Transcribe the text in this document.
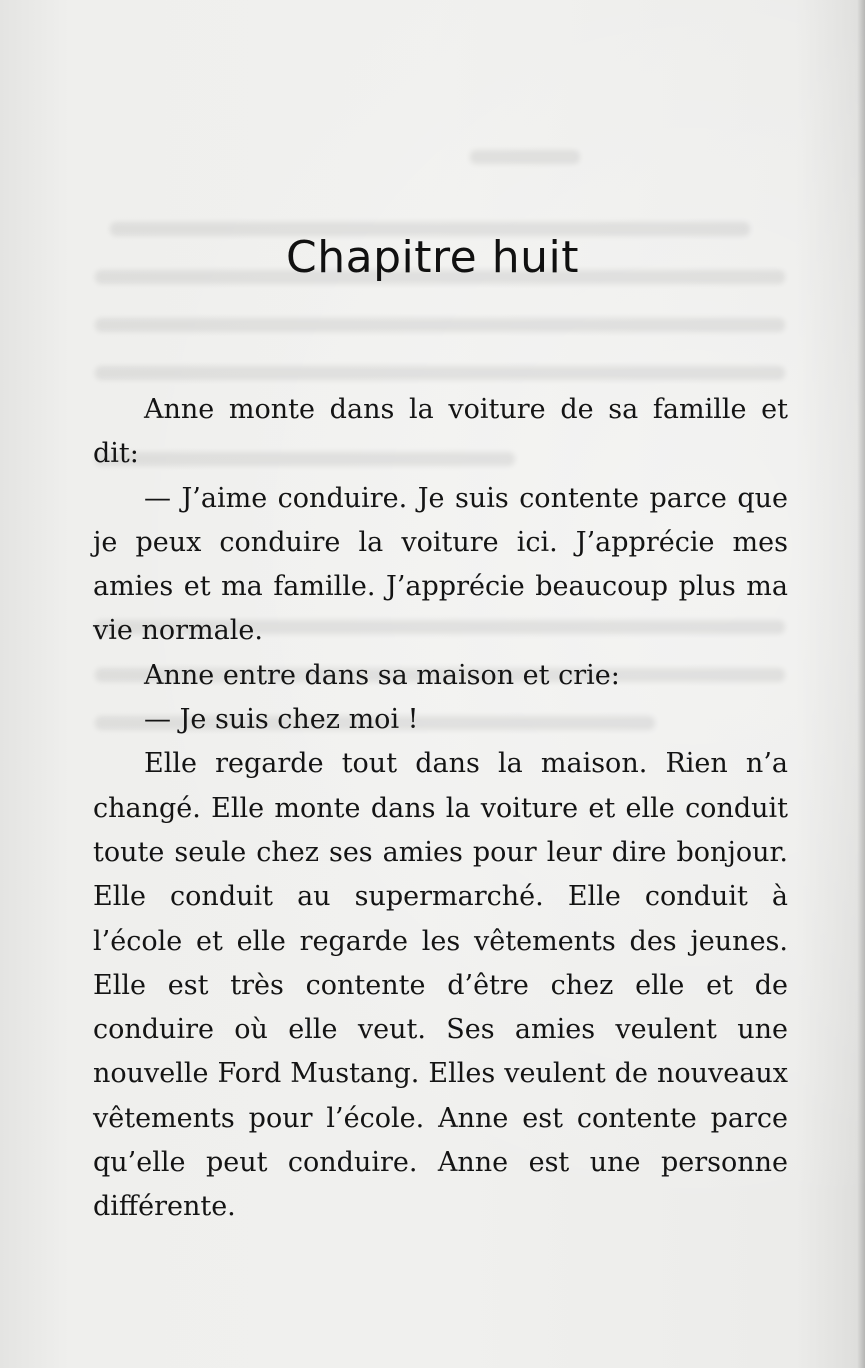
Chapitre huit

Anne monte dans la voiture de sa famille et dit:

— J’aime conduire. Je suis contente parce que je peux conduire la voiture ici. J’apprécie mes amies et ma famille. J’apprécie beaucoup plus ma vie normale.

Anne entre dans sa maison et crie:

— Je suis chez moi !

Elle regarde tout dans la maison. Rien n’a changé. Elle monte dans la voiture et elle conduit toute seule chez ses amies pour leur dire bonjour. Elle conduit au supermarché. Elle conduit à l’école et elle regarde les vêtements des jeunes. Elle est très contente d’être chez elle et de conduire où elle veut. Ses amies veulent une nouvelle Ford Mustang. Elles veulent de nouveaux vêtements pour l’école. Anne est contente parce qu’elle peut conduire. Anne est une personne différente.
